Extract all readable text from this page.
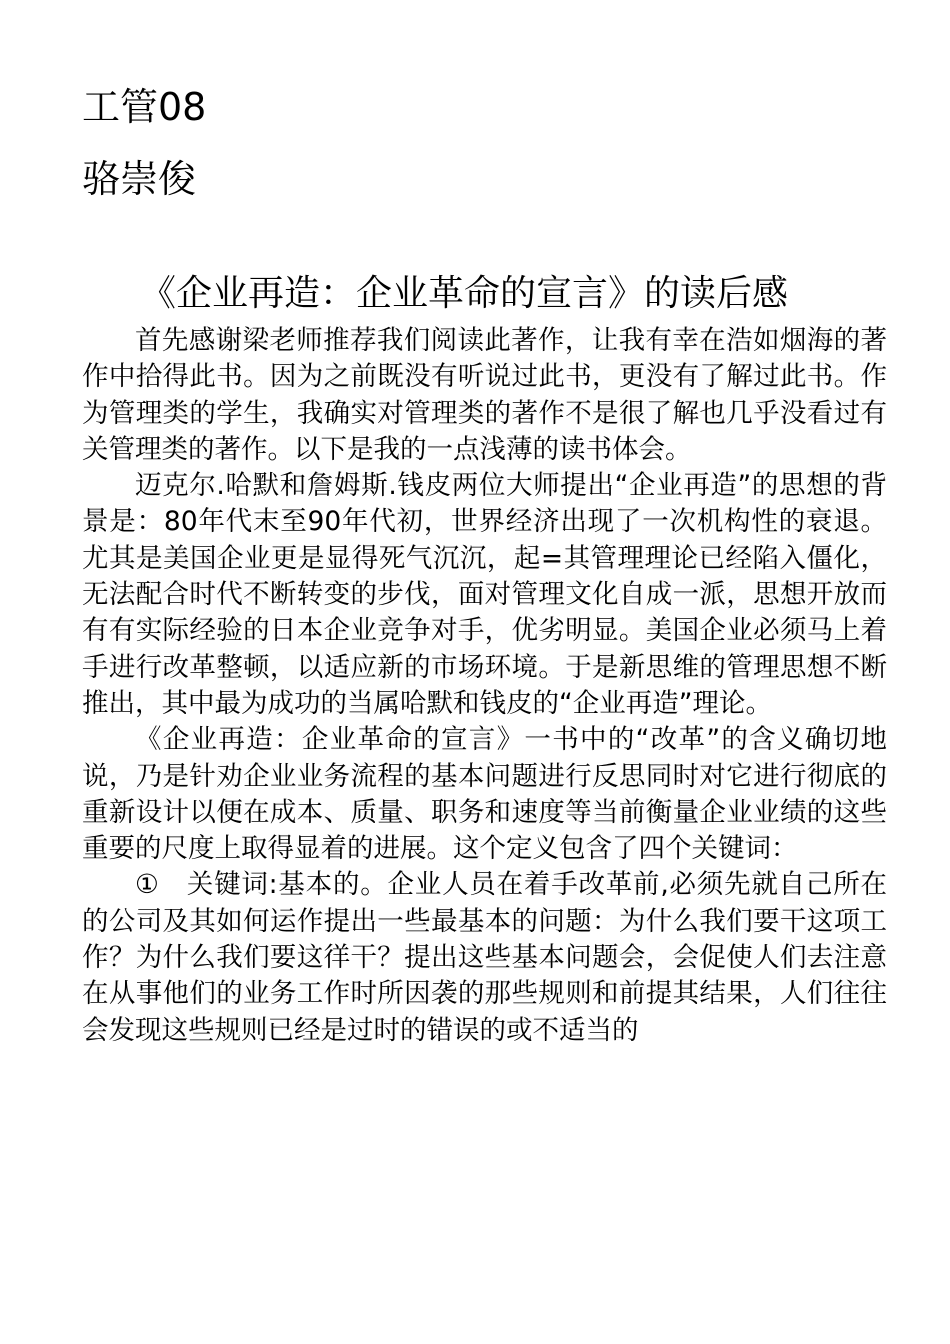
工管08
骆崇俊
《企业再造：企业革命的宣言》的读后感

首先感谢梁老师推荐我们阅读此著作，让我有幸在浩如烟海的著作中拾得此书。因为之前既没有听说过此书，更没有了解过此书。作为管理类的学生，我确实对管理类的著作不是很了解也几乎没看过有关管理类的著作。以下是我的一点浅薄的读书体会。

迈克尔.哈默和詹姆斯.钱皮两位大师提出“企业再造”的思想的背景是：80年代末至90年代初，世界经济出现了一次机构性的衰退。尤其是美国企业更是显得死气沉沉，起=其管理理论已经陷入僵化，无法配合时代不断转变的步伐，面对管理文化自成一派，思想开放而有有实际经验的日本企业竞争对手，优劣明显。美国企业必须马上着手进行改革整顿，以适应新的市场环境。于是新思维的管理思想不断推出，其中最为成功的当属哈默和钱皮的“企业再造”理论。

《企业再造：企业革命的宣言》一书中的“改革”的含义确切地说，乃是针劝企业业务流程的基本问题进行反思同时对它进行彻底的重新设计以便在成本、质量、职务和速度等当前衡量企业业绩的这些重要的尺度上取得显着的进展。这个定义包含了四个关键词：

①　关键词:基本的。企业人员在着手改革前,必须先就自己所在的公司及其如何运作提出一些最基本的问题：为什么我们要干这项工作？为什么我们要这徉干？提出这些基本问题会，会促使人们去注意在从事他们的业务工作时所因袭的那些规则和前提其结果，人们往往会发现这些规则已经是过时的错误的或不适当的
